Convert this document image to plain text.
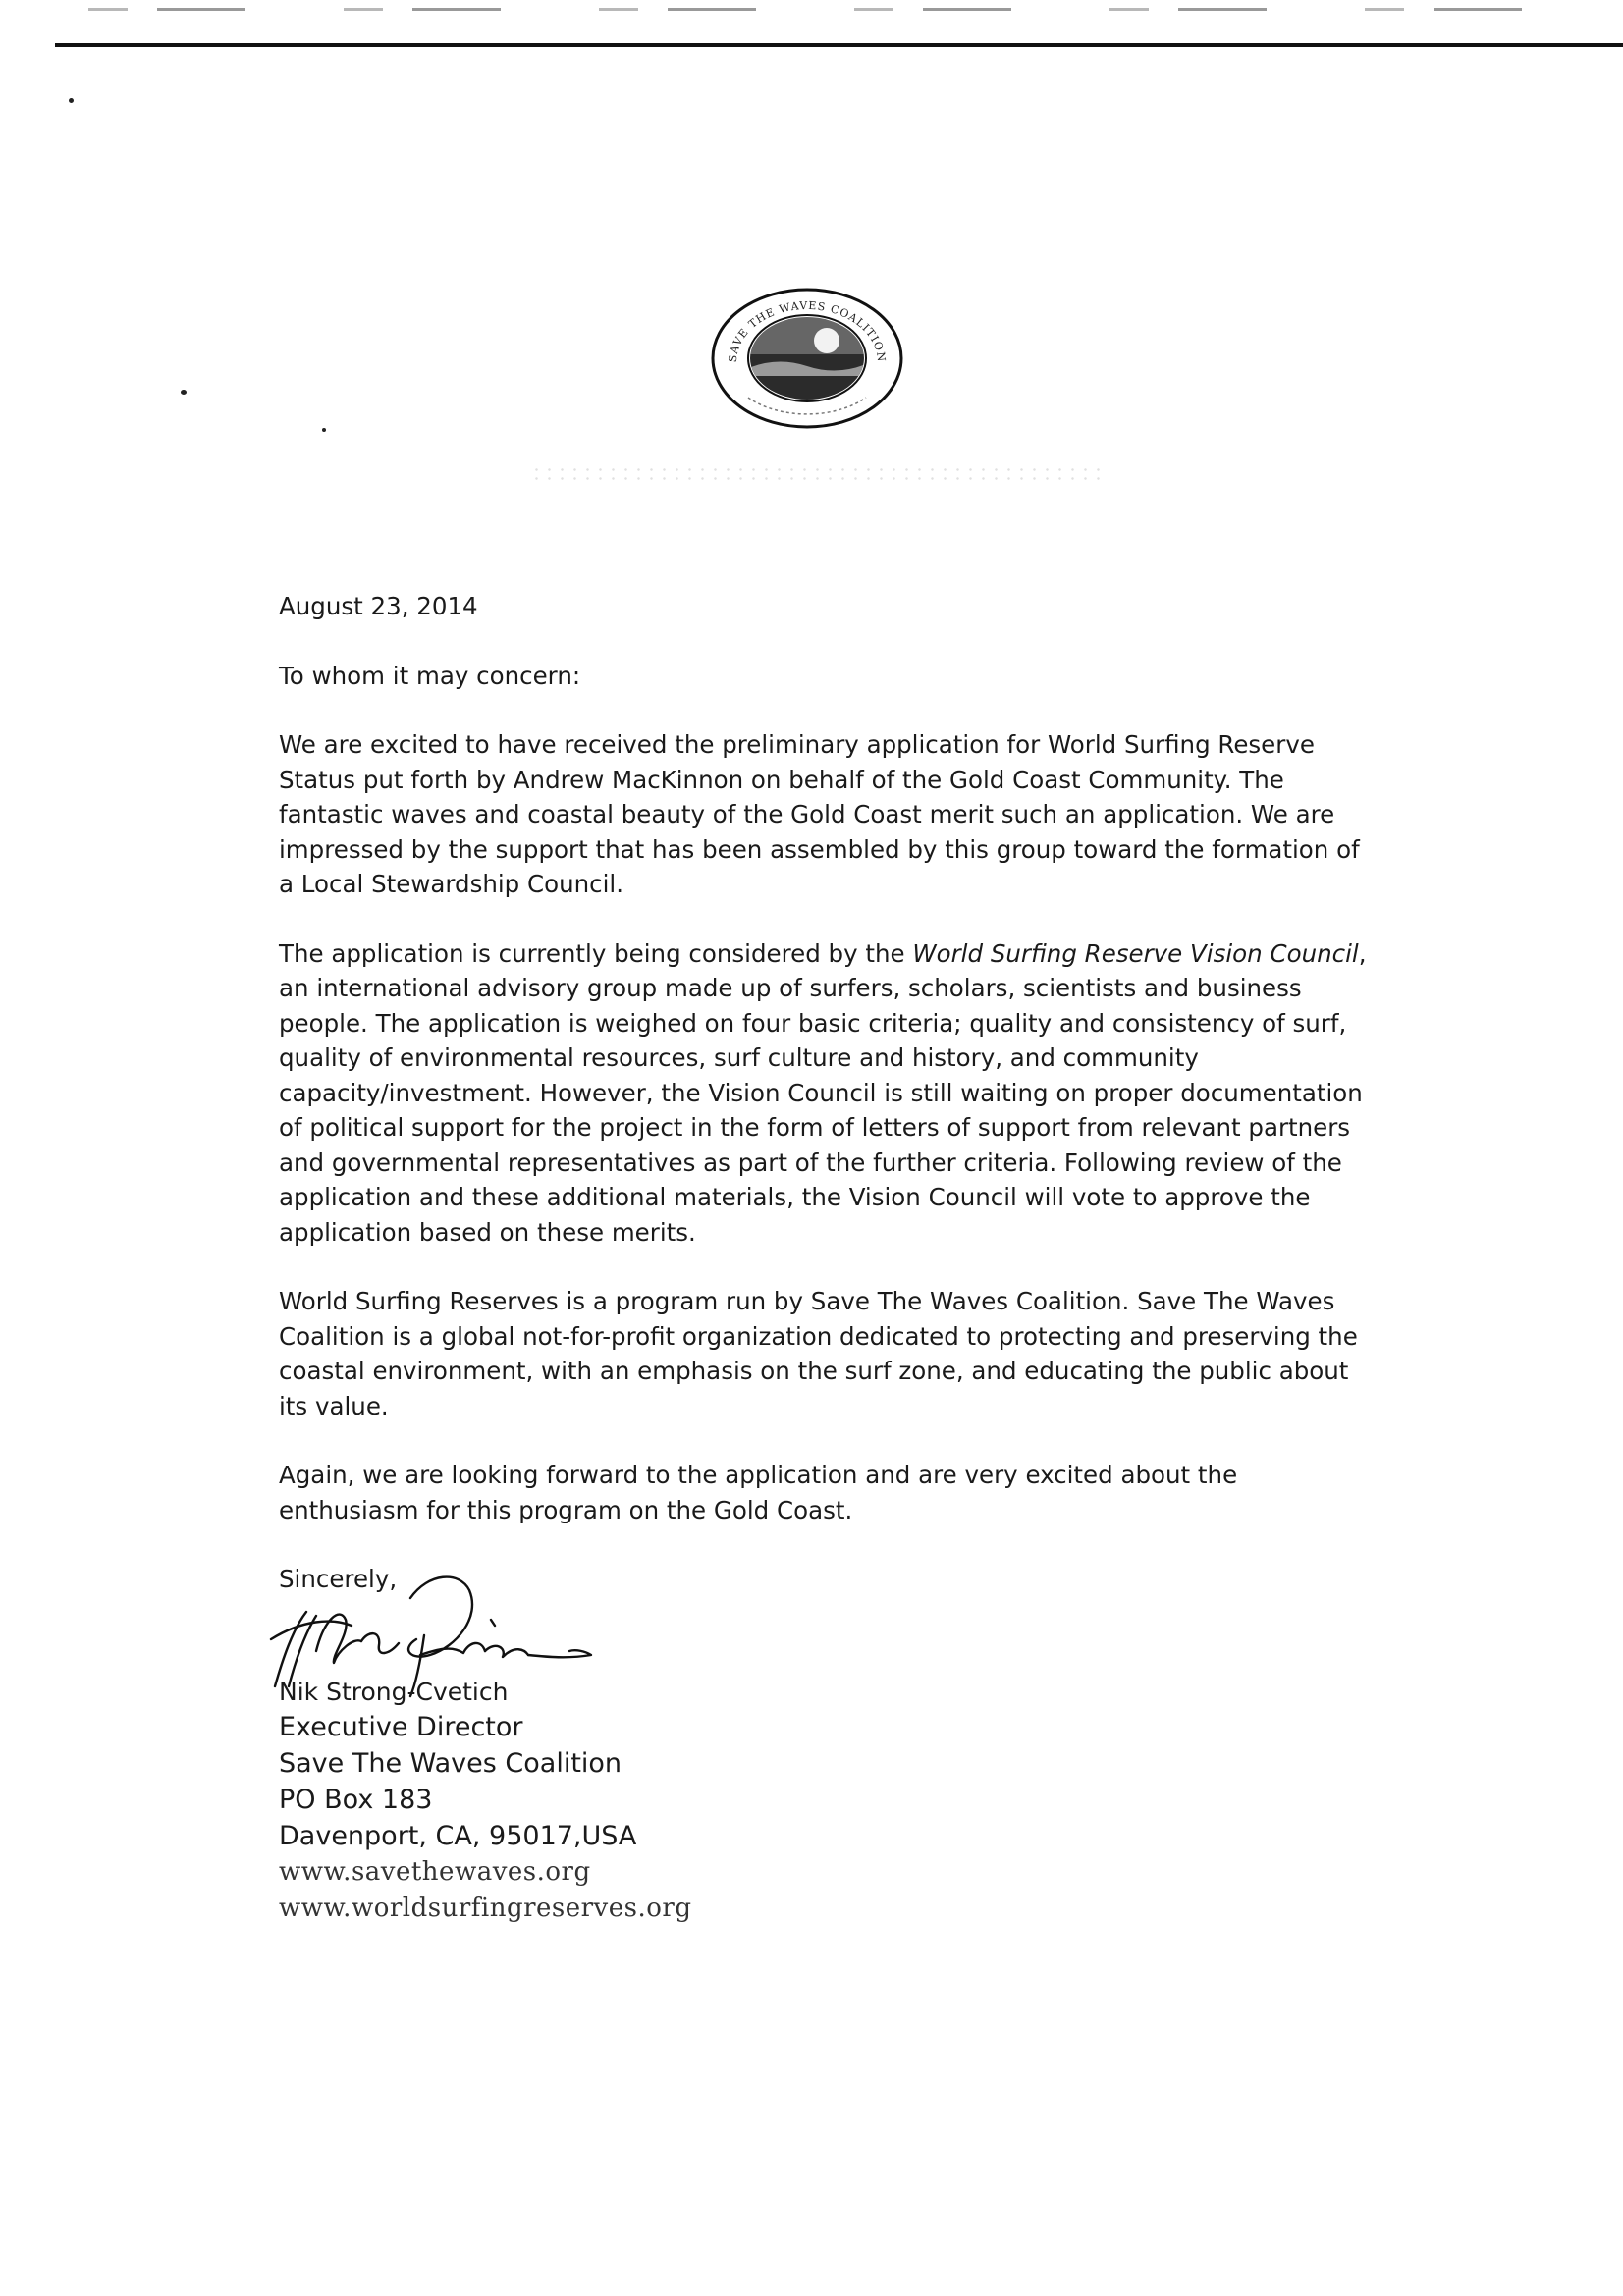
SAVE THE WAVES COALITION

August 23, 2014

To whom it may concern:

We are excited to have received the preliminary application for World Surfing Reserve Status put forth by Andrew MacKinnon on behalf of the Gold Coast Community. The fantastic waves and coastal beauty of the Gold Coast merit such an application. We are impressed by the support that has been assembled by this group toward the formation of a Local Stewardship Council.

The application is currently being considered by the World Surfing Reserve Vision Council, an international advisory group made up of surfers, scholars, scientists and business people. The application is weighed on four basic criteria; quality and consistency of surf, quality of environmental resources, surf culture and history, and community capacity/investment. However, the Vision Council is still waiting on proper documentation of political support for the project in the form of letters of support from relevant partners and governmental representatives as part of the further criteria. Following review of the application and these additional materials, the Vision Council will vote to approve the application based on these merits.

World Surfing Reserves is a program run by Save The Waves Coalition. Save The Waves Coalition is a global not-for-profit organization dedicated to protecting and preserving the coastal environment, with an emphasis on the surf zone, and educating the public about its value.

Again, we are looking forward to the application and are very excited about the enthusiasm for this program on the Gold Coast.

Sincerely,

Nik Strong-Cvetich
Executive Director
Save The Waves Coalition
PO Box 183
Davenport, CA, 95017,USA
www.savethewaves.org
www.worldsurfingreserves.org
